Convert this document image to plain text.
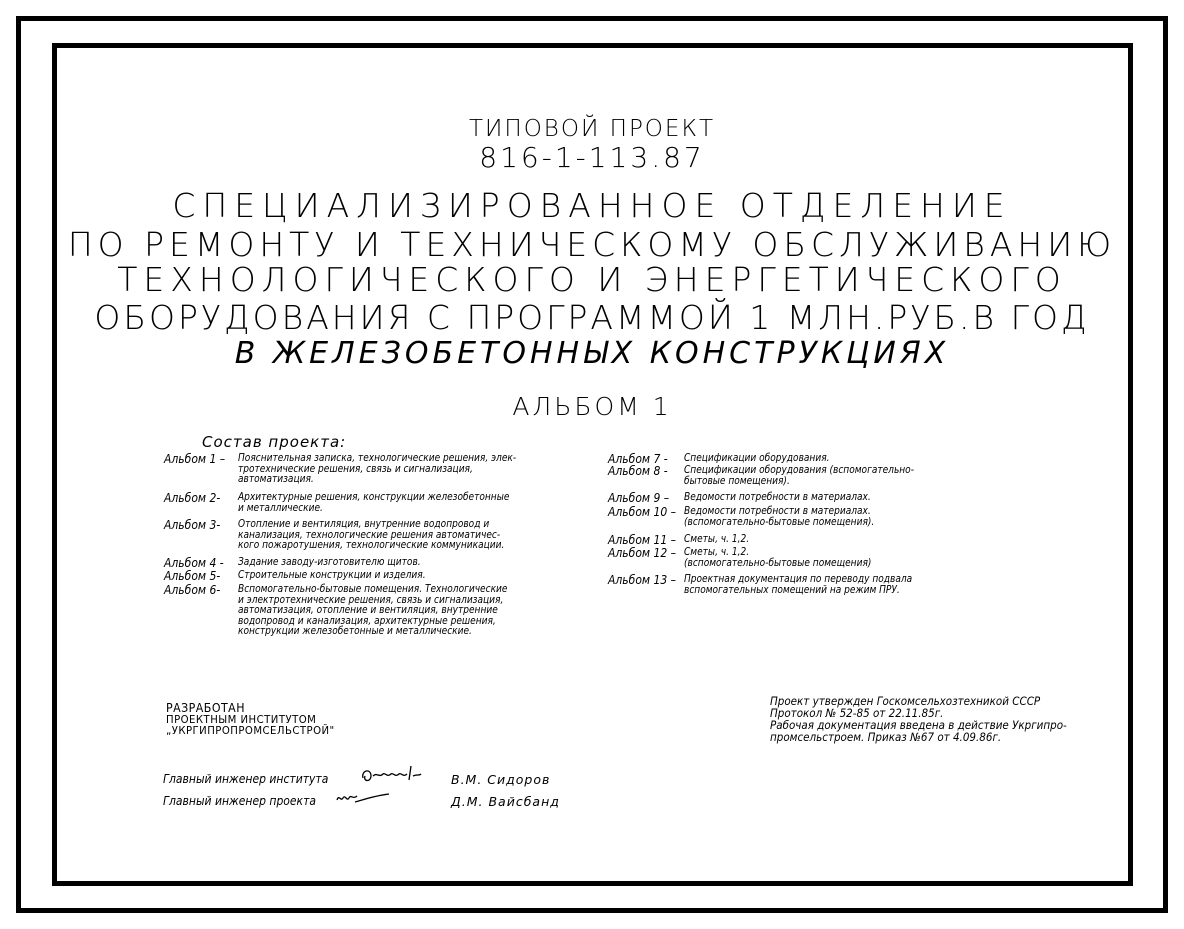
ТИПОВОЙ ПРОЕКТ
816-1-113.87
СПЕЦИАЛИЗИРОВАННОЕ ОТДЕЛЕНИЕ
ПО РЕМОНТУ И ТЕХНИЧЕСКОМУ ОБСЛУЖИВАНИЮ
ТЕХНОЛОГИЧЕСКОГО И ЭНЕРГЕТИЧЕСКОГО
ОБОРУДОВАНИЯ С ПРОГРАММОЙ 1 МЛН.РУБ.В ГОД
В ЖЕЛЕЗОБЕТОННЫХ КОНСТРУКЦИЯХ
АЛЬБОМ 1
Состав проекта:
Альбом 1 – Пояснительная записка, технологические решения, элек-
тротехнические решения, связь и сигнализация,
автоматизация.
Альбом 2- Архитектурные решения, конструкции железобетонные
и металлические.
Альбом 3- Отопление и вентиляция, внутренние водопровод и
канализация, технологические решения автоматичес-
кого пожаротушения, технологические коммуникации.
Альбом 4 - Задание заводу-изготовителю щитов.
Альбом 5- Строительные конструкции и изделия.
Альбом 6- Вспомогательно-бытовые помещения. Технологические
и электротехнические решения, связь и сигнализация,
автоматизация, отопление и вентиляция, внутренние
водопровод и канализация, архитектурные решения,
конструкции железобетонные и металлические.
Альбом 7 - Спецификации оборудования.
Альбом 8 - Спецификации оборудования (вспомогательно-
бытовые помещения).
Альбом 9 – Ведомости потребности в материалах.
Альбом 10 – Ведомости потребности в материалах.
(вспомогательно-бытовые помещения).
Альбом 11 – Сметы, ч. 1,2.
Альбом 12 – Сметы, ч. 1,2.
(вспомогательно-бытовые помещения)
Альбом 13 – Проектная документация по переводу подвала
вспомогательных помещений на режим ПРУ.
РАЗРАБОТАН
ПРОЕКТНЫМ ИНСТИТУТОМ
„УКРГИПРОПРОМСЕЛЬСТРОЙ"
Проект утвержден Госкомсельхозтехникой СССР
Протокол № 52-85 от 22.11.85г.
Рабочая документация введена в действие Укргипро-
промсельстроем. Приказ №67 от 4.09.86г.
Главный инженер института	В.М. Сидоров
Главный инженер проекта	Д.М. Вайсбанд
